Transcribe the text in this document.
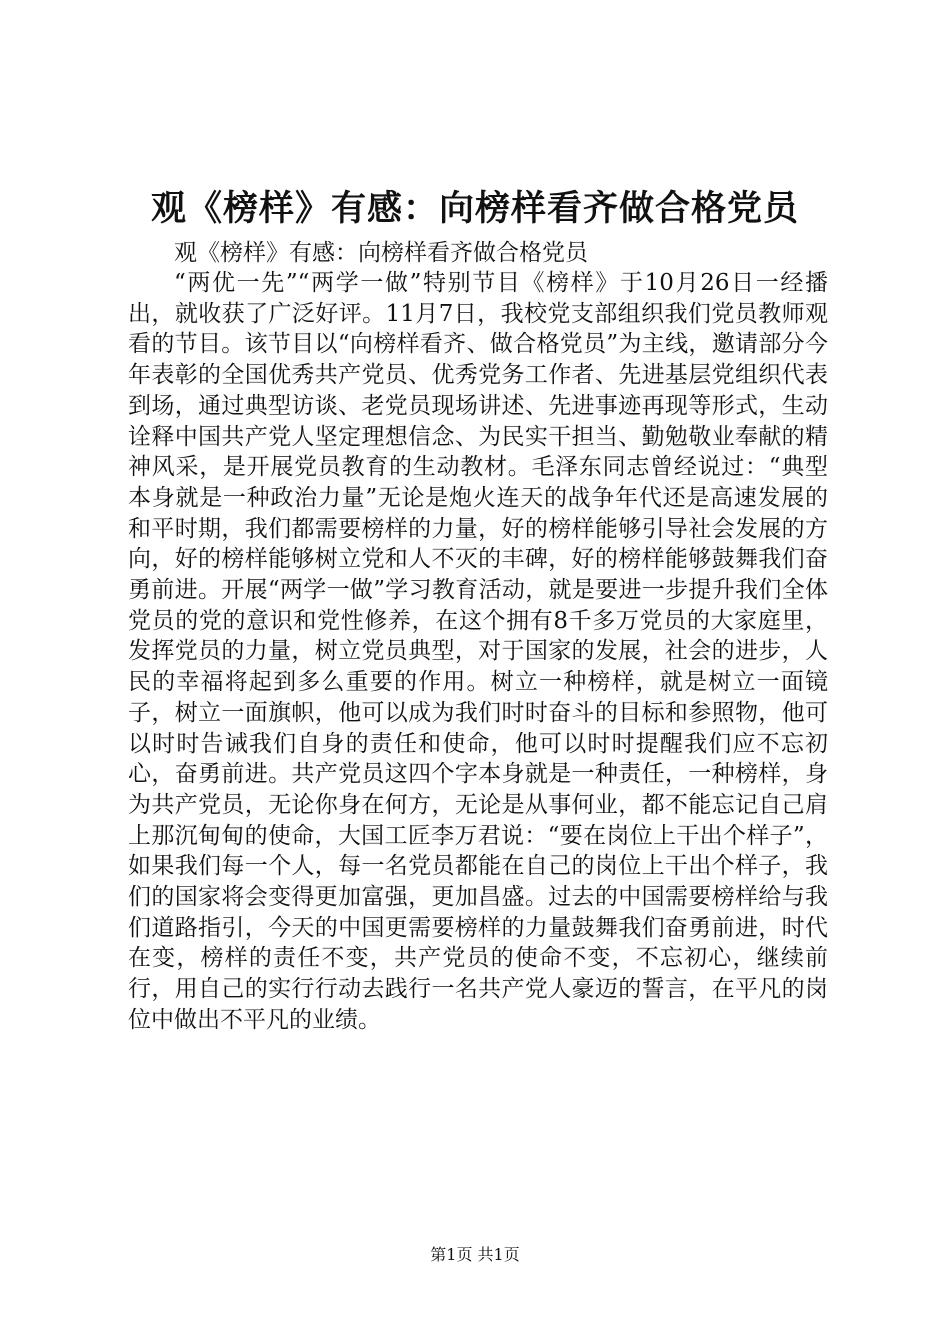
观《榜样》有感：向榜样看齐做合格党员

观《榜样》有感：向榜样看齐做合格党员

“两优一先”“两学一做”特别节目《榜样》于10月26日一经播出，就收获了广泛好评。11月7日，我校党支部组织我们党员教师观看的节目。该节目以“向榜样看齐、做合格党员”为主线，邀请部分今年表彰的全国优秀共产党员、优秀党务工作者、先进基层党组织代表到场，通过典型访谈、老党员现场讲述、先进事迹再现等形式，生动诠释中国共产党人坚定理想信念、为民实干担当、勤勉敬业奉献的精神风采，是开展党员教育的生动教材。毛泽东同志曾经说过：“典型本身就是一种政治力量”无论是炮火连天的战争年代还是高速发展的和平时期，我们都需要榜样的力量，好的榜样能够引导社会发展的方向，好的榜样能够树立党和人不灭的丰碑，好的榜样能够鼓舞我们奋勇前进。开展“两学一做”学习教育活动，就是要进一步提升我们全体党员的党的意识和党性修养，在这个拥有8千多万党员的大家庭里，发挥党员的力量，树立党员典型，对于国家的发展，社会的进步，人民的幸福将起到多么重要的作用。树立一种榜样，就是树立一面镜子，树立一面旗帜，他可以成为我们时时奋斗的目标和参照物，他可以时时告诫我们自身的责任和使命，他可以时时提醒我们应不忘初心，奋勇前进。共产党员这四个字本身就是一种责任，一种榜样，身为共产党员，无论你身在何方，无论是从事何业，都不能忘记自己肩上那沉甸甸的使命，大国工匠李万君说：“要在岗位上干出个样子”，如果我们每一个人，每一名党员都能在自己的岗位上干出个样子，我们的国家将会变得更加富强，更加昌盛。过去的中国需要榜样给与我们道路指引，今天的中国更需要榜样的力量鼓舞我们奋勇前进，时代在变，榜样的责任不变，共产党员的使命不变，不忘初心，继续前行，用自己的实行行动去践行一名共产党人豪迈的誓言，在平凡的岗位中做出不平凡的业绩。

第1页 共1页
